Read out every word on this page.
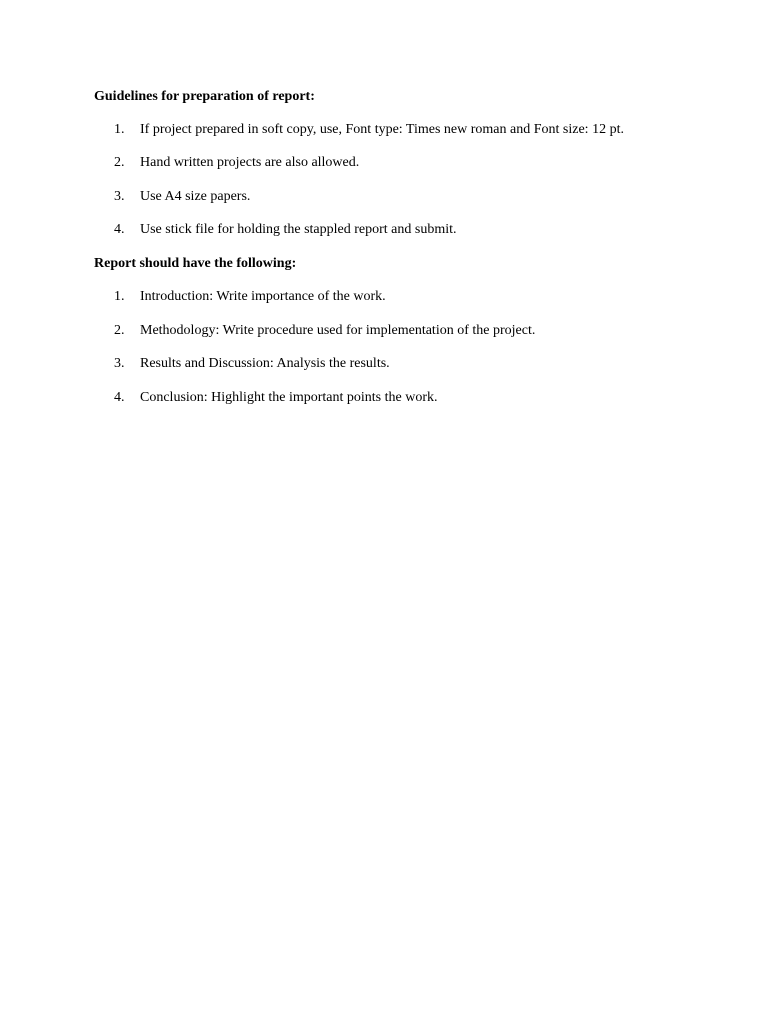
Guidelines for preparation of report:
1.	If project prepared in soft copy, use, Font type: Times new roman and Font size: 12 pt.
2.	Hand written projects are also allowed.
3.	Use A4 size papers.
4.	Use stick file for holding the stappled report and submit.
Report should have the following:
1.	Introduction: Write importance of the work.
2.	Methodology: Write procedure used for implementation of the project.
3.	Results and Discussion: Analysis the results.
4.	Conclusion: Highlight the important points the work.
